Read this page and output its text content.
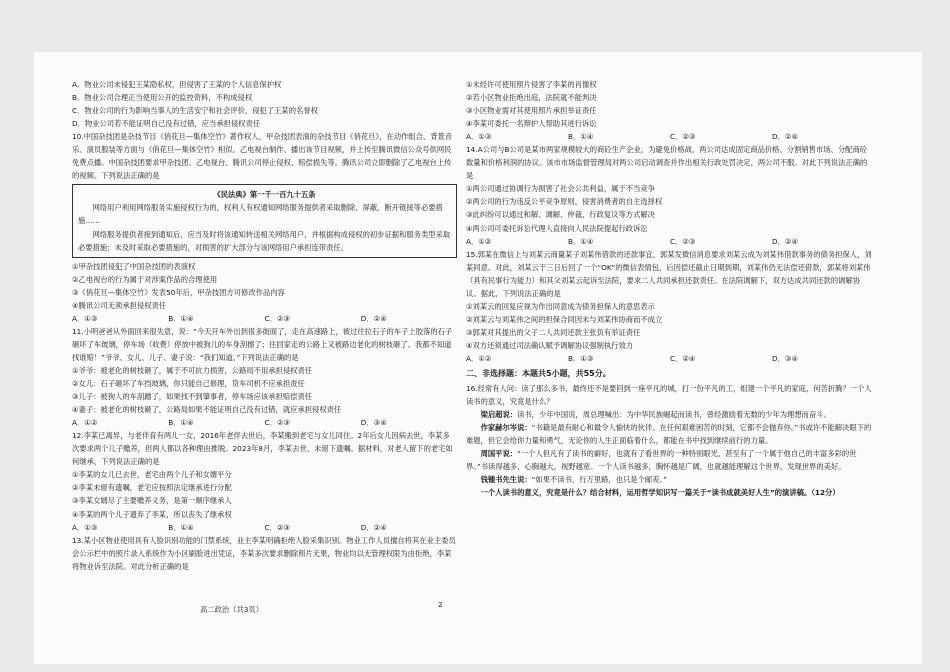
A．物业公司未侵犯王某隐私权，但侵害了王某的个人信息保护权

B．物业公司合理正当使用公开的监控资料，不构成侵权

C．物业公司的行为影响当事人的生活安宁和社会评价，侵犯了王某的名誉权

D．物业公司若不能证明自己没有过错，应当承担侵权责任

10.中国杂技团是杂技节目《俏花旦—集体空竹》著作权人，甲杂技团表演的杂技节目《俏花旦》，在动作组合、背景音乐、演员服装等方面与《俏花旦—集体空竹》相似。乙电视台制作、播出该节目视频，并上传至腾讯微信公众号供网民免费点播。中国杂技团要求甲杂技团、乙电视台、腾讯公司停止侵权、赔偿损失等。腾讯公司立即删除了乙电视台上传的视频。下列说法正确的是

《民法典》第一千一百九十五条

网络用户利用网络服务实施侵权行为的，权利人有权通知网络服务提供者采取删除、屏蔽、断开链接等必要措施……

网络服务提供者接到通知后，应当及时将该通知转送相关网络用户，并根据构成侵权的初步证据和服务类型采取必要措施；未及时采取必要措施的，对损害的扩大部分与该网络用户承担连带责任。

①甲杂技团侵犯了中国杂技团的表演权

②乙电视台的行为属于对涉案作品的合理使用

③《俏花旦—集体空竹》发表50年后，甲杂技团方可修改作品内容

④腾讯公司无须承担侵权责任

A．①③	B．①④	C．②③	D．②④

11.小明爸爸从外面回来很失意，说：“今天开车外出到很多街面了，走在高速路上，被过往拉石子的车子上胶落的石子砸坏了车玻璃，停车场（收费）停放中被狗儿的车身刮擦了；往回家走的公路上又被路边老化的树枝砸了。我都不知道找谁赔！”爷爷、女儿、儿子、妻子说：“我们知道。”下列说法正确的是

①爷爷：被老化的树枝砸了，属于不可抗力损害，公路局不用承担侵权责任

②女儿：石子砸坏了车挡玻璃，你只能自己修理，货车司机不应承担责任

③儿子：被狗人的车刮蹭了，如果找不到肇事者，停车场应该承担赔偿责任

④妻子：被老化的树枝砸了，公路局如果不能证明自己没有过错，就应承担侵权责任

A．①②	B．①④	C．②③	D．③④

12.李某已离异，与老伴育有两儿一女，2016年老伴去世后，李某搬到老宅与女儿同住。2年后女儿因病去世，李某多次要求两个儿子赡养，但两人都以各种理由推脱。2023年8月，李某去世，未留下遗嘱。据材料，对老人留下的老宅如何继承，下列说法正确的是

①李某的女儿已去世，老宅由两个儿子和女婿平分

②李某未留有遗嘱，老宅应按照法定继承进行分配

③李某女婿尽了主要赡养义务，是第一顺序继承人

④李某的两个儿子遗弃了李某，所以丧失了继承权

A．①③	B．①④	C．②③	D．②④

13.某小区物业使用具有人脸识别功能的门禁系统，业主李某明确拒绝人脸采集识别。物业工作人员擅自将其在业主委员会公示栏中的照片录入系统作为小区刷脸进出凭证，李某多次要求删除照片无果，物业均以无管理权限为由拒绝，李某将物业诉至法院。对此分析正确的是

高二政治（共3页）
2

①未经许可使用照片侵害了李某的肖像权

②若小区物业拒绝出庭，法院就不能判决

③小区物业需对其使用照片承担举证责任

④李某可委托一名辩护人帮助其进行诉讼

A．①③	B．①④	C．②③	D．②④

14.A公司与B公司是某市两家规模较大的商砼生产企业，为避免价格战，两公司达成固定商品价格、分割销售市场、分配商砼数量和价格利润的协议。该市市场监督管理局对两公司启动调查并作出相关行政处罚决定，两公司不服。对此下列说法正确的是

①两公司通过协调行为损害了社会公共利益，属于不当竞争

②两公司的行为违反公平竞争原则，侵害消费者的自主选择权

③此纠纷可以通过和解、调解、仲裁、行政复议等方式解决

④两公司可委托诉讼代理人直接向人民法院提起行政诉讼

A．①②	B．①④	C．②③	D．②④

15.郭某在微信上与刘某云商量某子刘某伟借款的还款事宜，郭某发微信消息要求刘某云成为刘某伟借款事务的债务担保人，刘某同意。对此，刘某云于三日后回了一个“OK”的微信表情包，后因偿还截止日期到期，刘某伟仍无法偿还借款，郭某将刘某伟（具有民事行为能力）和其父刘某云起诉至法院，要求二人共同承担还款责任。在法院调解下，双方达成共同还款的调解协议。据此，下列说法正确的是

①刘某云的回复应视为作出同意成为债务担保人的意思表示

②刘某云与刘某伟之间的担保合同因未与刘某伟协商而不成立

③郭某对其提出的父子二人共同还款主张负有举证责任

④双方还须通过司法确认赋予调解协议强制执行效力

A．①②	B．①③	C．②④	D．③④
二、非选择题：本题共5小题，共55分。

16.经常有人问：读了那么多书，最终还不是要回到一座平凡的城，打一份平凡的工，组建一个平凡的家庭，何苦折腾？一个人读书的意义，究竟是什么？

梁启超说：读书，少年中国说，周总理喊出：为中华民族崛起而读书，曾经激励着无数的少年为理想而奋斗。

作家赫尔岑说：“书籍是最有耐心和最令人愉快的伙伴。在任何艰难困苦的时刻，它都不会抛弃你。”书或许不能解决眼下的难题，但它会给你力量和勇气，无论你的人生正面临着什么，都能在书中找到继续前行的力量。

周国平说：“一个人但凡有了读书的癖好，也就有了看世界的一种特别眼光，甚至有了一个属于他自己的丰富多彩的世界。”书读得越多，心胸越大，视野越宽。一个人读书越多，胸怀越是广阔，也就越能理解这个世界，发现世界的美好。

钱锺书先生说：“如果不读书，行万里路，也只是个邮差。”

一个人读书的意义，究竟是什么？结合材料，运用哲学知识写一篇关于“读书成就美好人生”的演讲稿。（12分）
